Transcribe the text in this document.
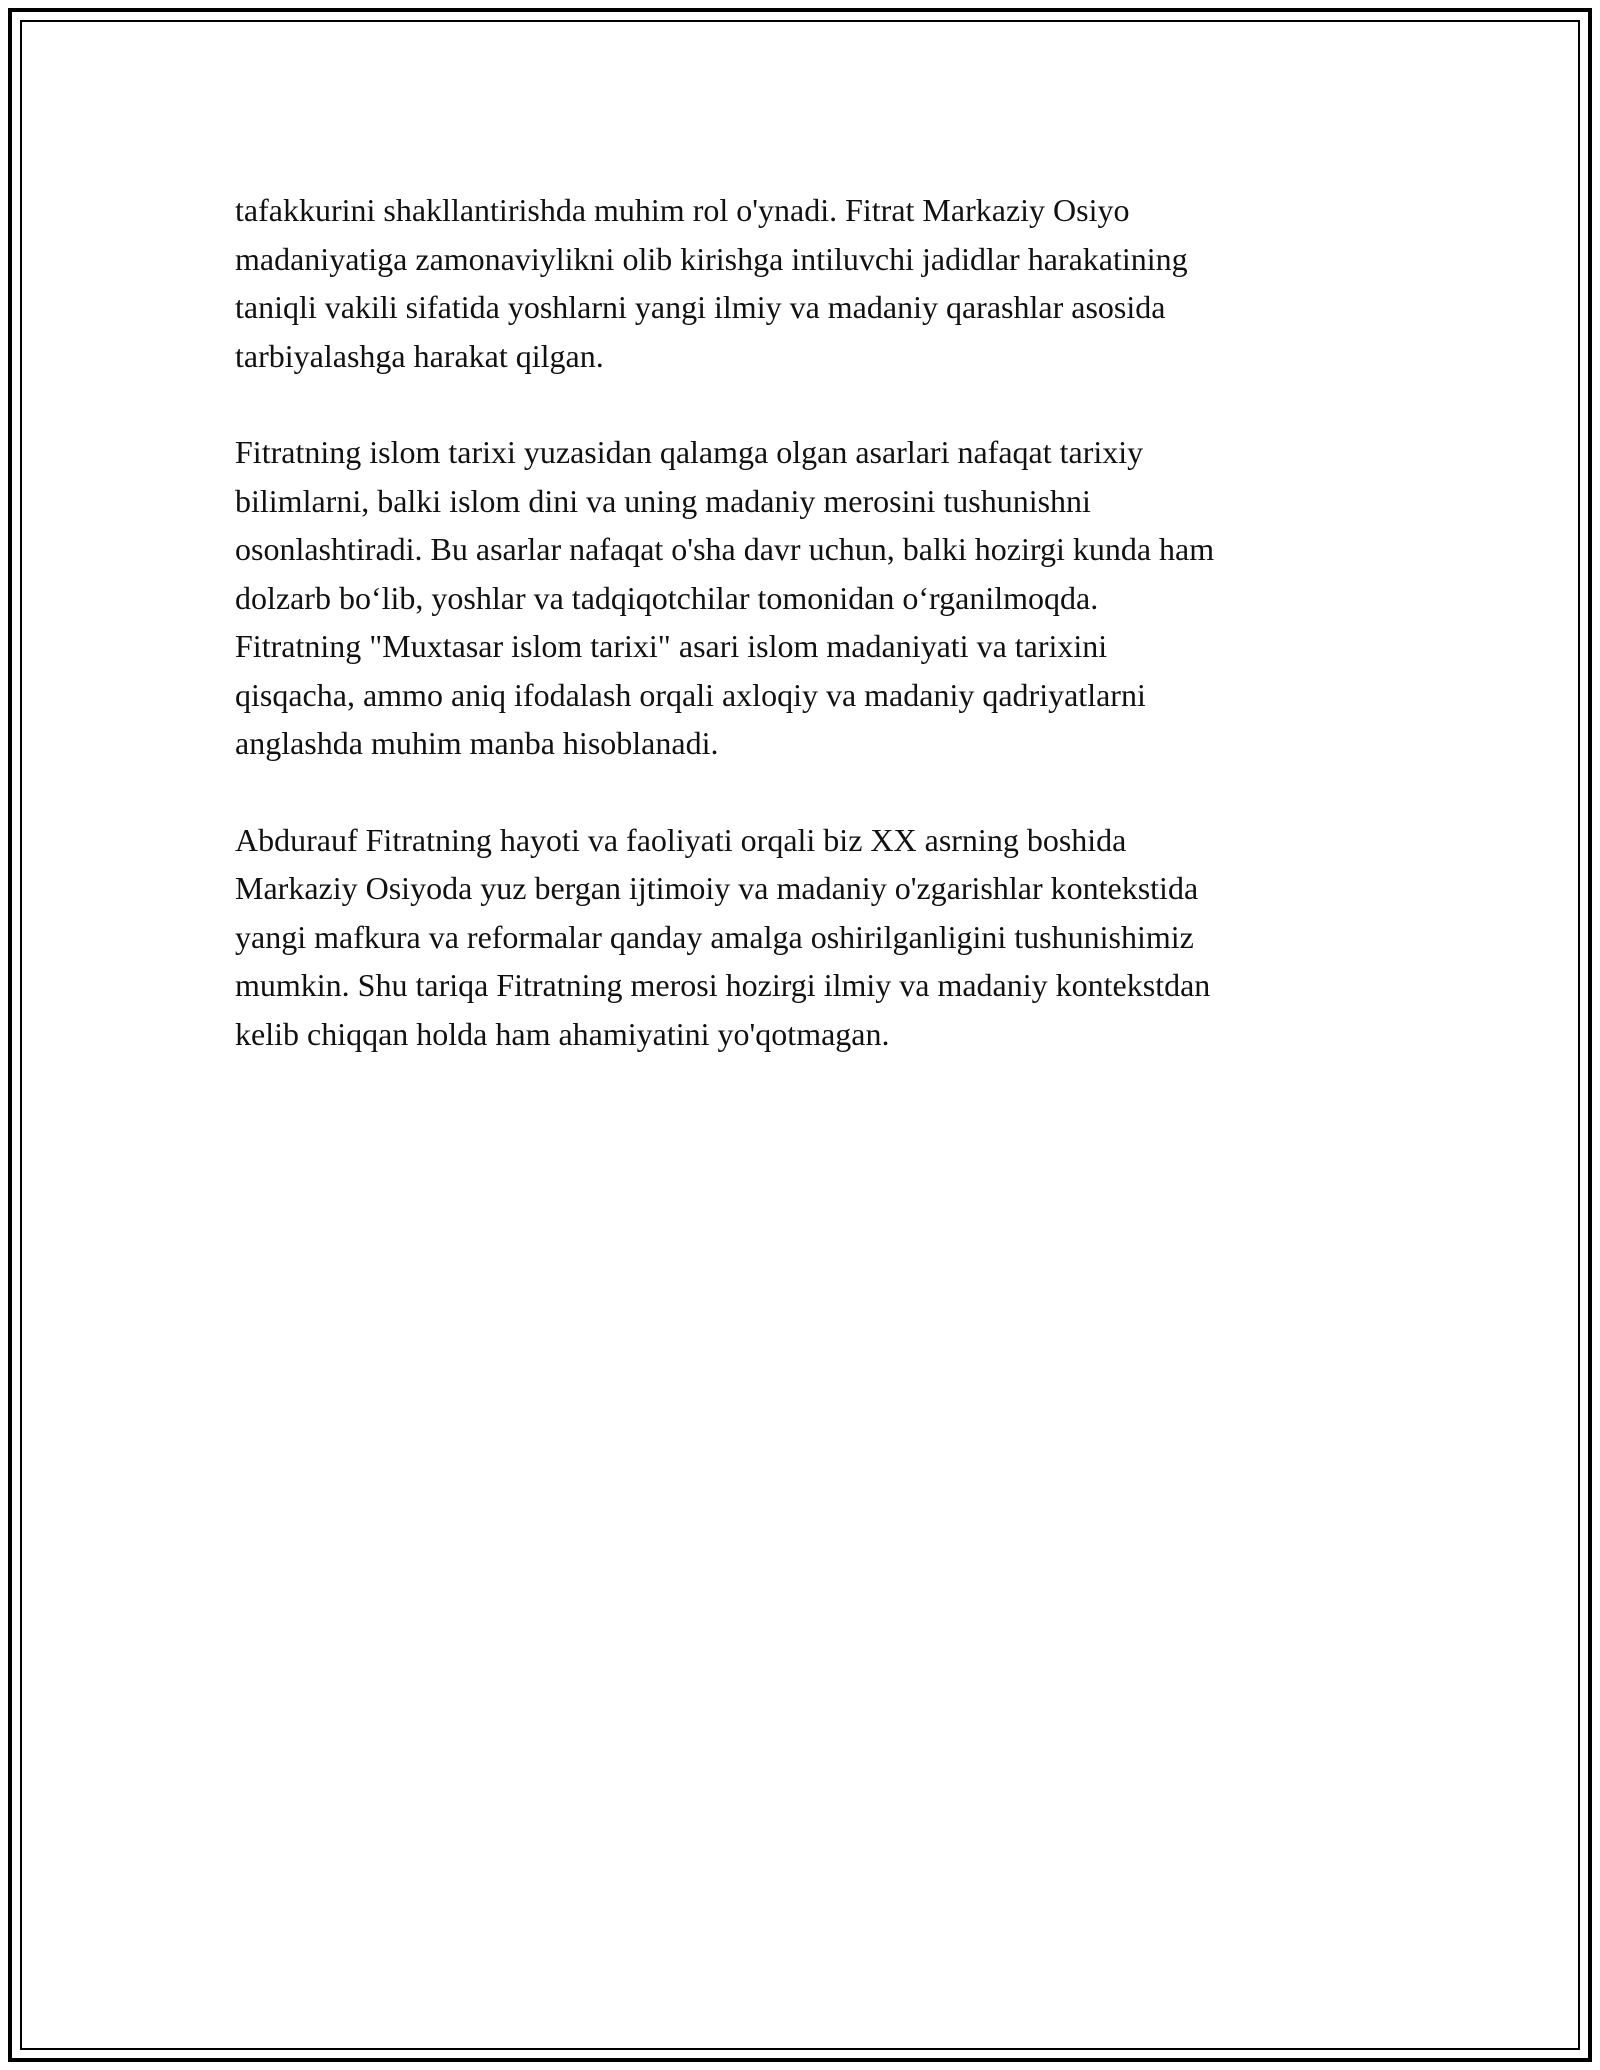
tafakkurini shakllantirishda muhim rol o'ynadi. Fitrat Markaziy Osiyo
madaniyatiga zamonaviylikni olib kirishga intiluvchi jadidlar harakatining
taniqli vakili sifatida yoshlarni yangi ilmiy va madaniy qarashlar asosida
tarbiyalashga harakat qilgan.
Fitratning islom tarixi yuzasidan qalamga olgan asarlari nafaqat tarixiy
bilimlarni, balki islom dini va uning madaniy merosini tushunishni
osonlashtiradi. Bu asarlar nafaqat o'sha davr uchun, balki hozirgi kunda ham
dolzarb bo‘lib, yoshlar va tadqiqotchilar tomonidan o‘rganilmoqda.
Fitratning "Muxtasar islom tarixi" asari islom madaniyati va tarixini
qisqacha, ammo aniq ifodalash orqali axloqiy va madaniy qadriyatlarni
anglashda muhim manba hisoblanadi.
Abdurauf Fitratning hayoti va faoliyati orqali biz XX asrning boshida
Markaziy Osiyoda yuz bergan ijtimoiy va madaniy o'zgarishlar kontekstida
yangi mafkura va reformalar qanday amalga oshirilganligini tushunishimiz
mumkin. Shu tariqa Fitratning merosi hozirgi ilmiy va madaniy kontekstdan
kelib chiqqan holda ham ahamiyatini yo'qotmagan.
